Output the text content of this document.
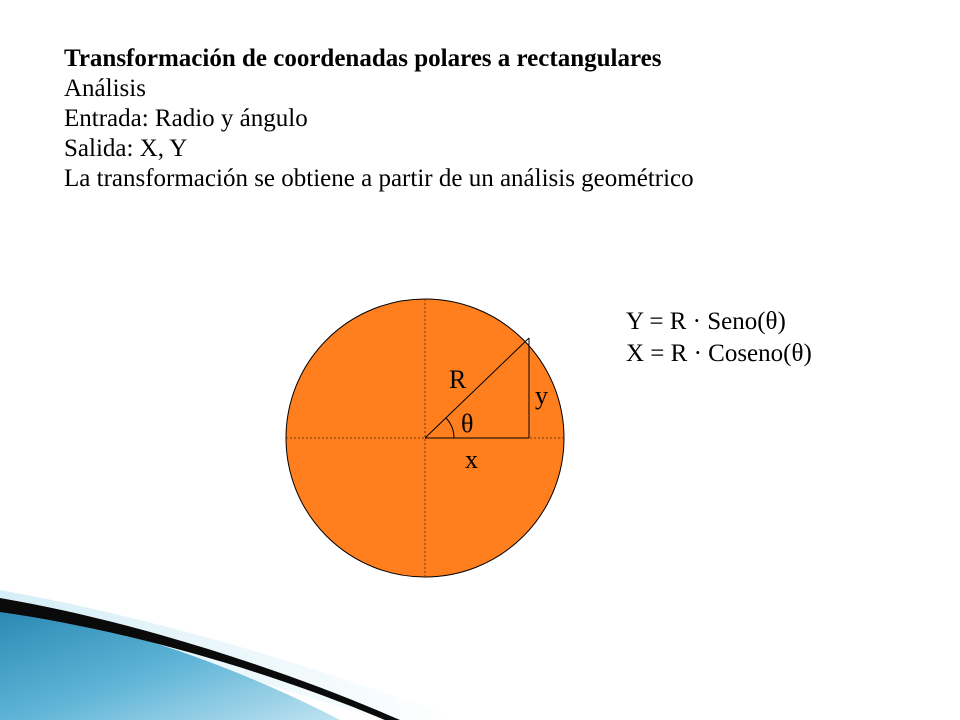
Transformación de coordenadas polares a rectangulares
Análisis
Entrada: Radio y ángulo
Salida: X, Y
La transformación se obtiene a partir de un análisis geométrico
R
y
θ
x
Y = R · Seno(θ)
X = R · Coseno(θ)
